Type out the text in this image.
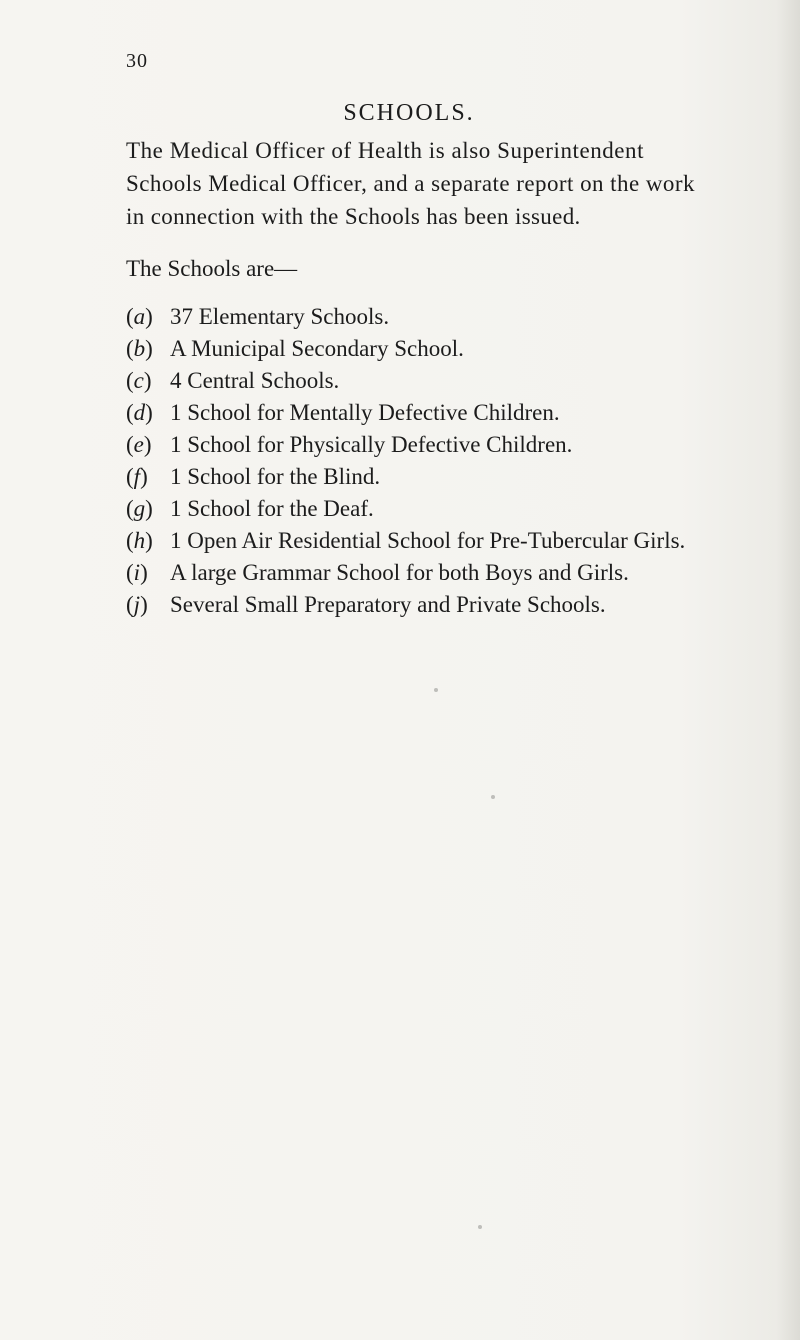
30
SCHOOLS.
The Medical Officer of Health is also Superintendent
Schools Medical Officer, and a separate report on the work
in connection with the Schools has been issued.
The Schools are—
(a) 37 Elementary Schools.
(b) A Municipal Secondary School.
(c) 4 Central Schools.
(d) 1 School for Mentally Defective Children.
(e) 1 School for Physically Defective Children.
(f) 1 School for the Blind.
(g) 1 School for the Deaf.
(h) 1 Open Air Residential School for Pre-Tubercular Girls.
(i) A large Grammar School for both Boys and Girls.
(j) Several Small Preparatory and Private Schools.
